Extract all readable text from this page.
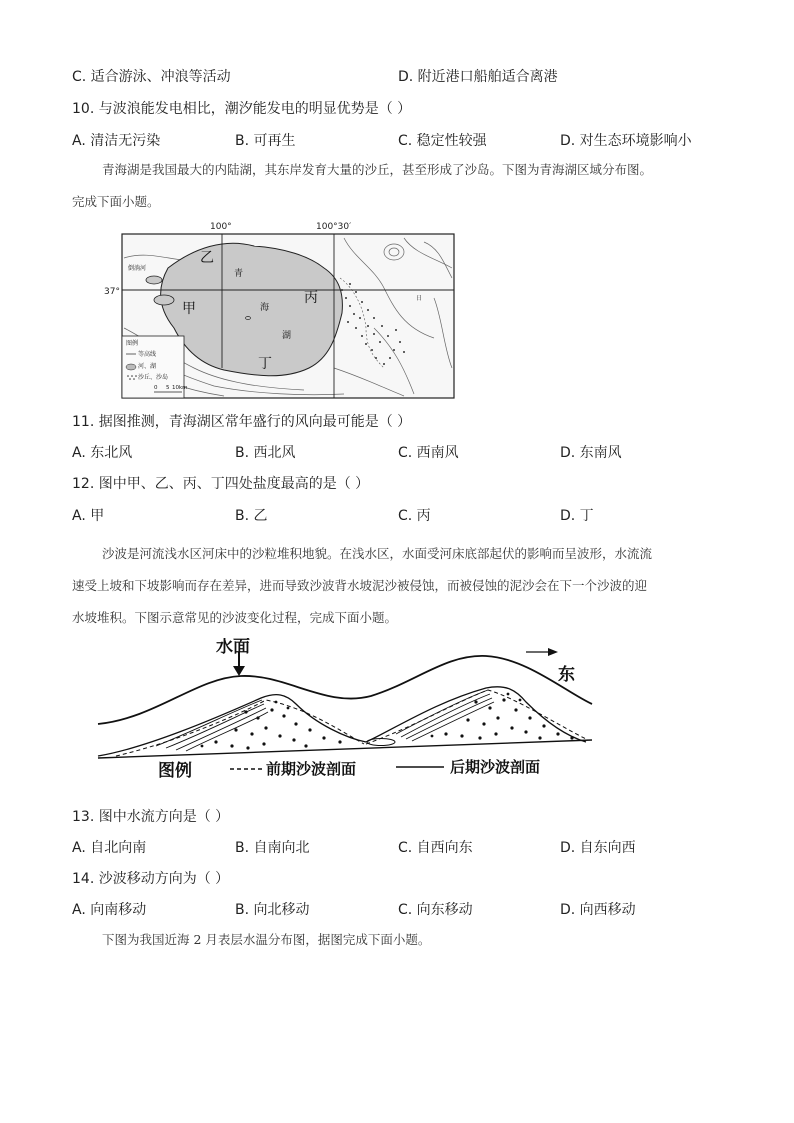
C. 适合游泳、冲浪等活动	D. 附近港口船舶适合离港
10. 与波浪能发电相比，潮汐能发电的明显优势是（ ）
A. 清洁无污染	B. 可再生	C. 稳定性较强	D. 对生态环境影响小

青海湖是我国最大的内陆湖，其东岸发育大量的沙丘，甚至形成了沙岛。下图为青海湖区域分布图。

完成下面小题。

100°	100°30′
37°
乙
甲
丙
丁
青
海
湖
倒淌河
日
图例
等高线
河、湖
沙丘、沙岛
0 5 10km
11. 据图推测，青海湖区常年盛行的风向最可能是（ ）
A. 东北风	B. 西北风	C. 西南风	D. 东南风
12. 图中甲、乙、丙、丁四处盐度最高的是（ ）
A. 甲	B. 乙	C. 丙	D. 丁

沙波是河流浅水区河床中的沙粒堆积地貌。在浅水区，水面受河床底部起伏的影响而呈波形，水流流

速受上坡和下坡影响而存在差异，进而导致沙波背水坡泥沙被侵蚀，而被侵蚀的泥沙会在下一个沙波的迎

水坡堆积。下图示意常见的沙波变化过程，完成下面小题。

水面
东
图例	前期沙波剖面	后期沙波剖面
13. 图中水流方向是（ ）
A. 自北向南	B. 自南向北	C. 自西向东	D. 自东向西
14. 沙波移动方向为（ ）
A. 向南移动	B. 向北移动	C. 向东移动	D. 向西移动

下图为我国近海 2 月表层水温分布图，据图完成下面小题。
